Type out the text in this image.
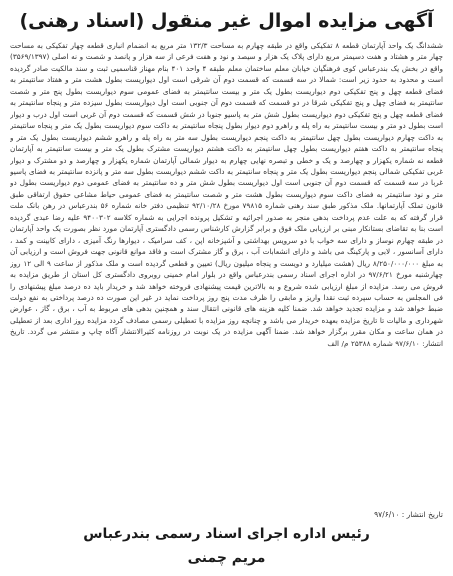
آگهی مزایده اموال غیر منقول (اسناد رهنی)
ششدانگ یک واحد آپارتمان قطعه ۸ تفکیکی واقع در طبقه چهارم به مساحت ۱۳۲/۳ متر مربع به انضمام انباری قطعه چهار تفکیکی به مساحت چهار متر و هشتاد و هفت دسیمتر مربع دارای پلاک یک هزار و سیصد و نود و هفت فرعی از سه هزار و پانصد و شصت و نه اصلی (۳۵۶۹/۱۳۹۷) واقع در بخش یک بندرعباس کوی فرهنگیان خیابان معلم ساختمان معلم طبقه ۴ واحد ۴۰۱ بنام مهناز قناسمیی ثبت و سند مالکیت صادر گردیده است و محدود به حدود زیر است: شمالا در سه قسمت که قسمت دوم آن شرقی است اول دیواریست بطول هشت متر و هفتاد سانتیمتر به فضای قطعه چهل و پنج تفکیکی دوم دیواریست بطول یک متر و بیست سانتیمتر به فضای عمومی سوم دیواریست بطول پنج متر و شصت سانتیمتر به فضای چهل و پنج تفکیکی شرقا در دو قسمت که قسمت دوم آن جنوبی است اول دیواریست بطول سیزده متر و پنجاه سانتیمتر به فضای قطعه چهل و پنج تفکیکی دوم دیواریست بطول شش متر به پاسیو جنوبا در شش قسمت که قسمت دوم آن غربی است اول درب و دیوار است بطول دو متر و بیست سانتیمتر به راه پله و راهرو دوم دیوار بطول پنجاه سانتیمتر به داکت سوم دیواریست بطول یک متر و پنجاه سانتیمتر به داکت چهارم دیواریست بطول چهل سانتیمتر به داکت پنجم دیواریست بطول سه متر به راه پله و راهرو ششم دیواریست بطول یک متر و پنجاه سانتیمتر به داکت هفتم دیواریست بطول چهل سانتیمتر به داکت هشتم دیواریست مشترک بطول یک متر و بیست سانتیمتر به آپارتمان قطعه نه شماره یکهزار و چهارصد و یک و خطی و تبصره نهایی چهارم به دیوار شمالی آپارتمان شماره یکهزار و چهارصد و دو مشترک و دیوار غربی تفکیکی شمالی پنجم دیواریست بطول یک متر و پنجاه سانتیمتر به داکت ششم دیواریست بطول سه متر و پانزده سانتیمتر به فضای پاسیو غربا در سه قسمت که قسمت دوم آن جنوبی است اول دیواریست بطول شش متر و ده سانتیمتر به فضای عمومی دوم دیواریست بطول دو متر و نود سانتیمتر به فضای داکت سوم دیواریست بطول هشت متر و شصت سانتیمتر به فضای عمومی حیاط مشاعی حقوق ارتفاقی طبق قانون تملک آپارتمانها. ملک مذکور طبق سند رهنی شماره ۷۹۸۱۵ مورخ ۹۲/۱۰/۲۸ تنظیمی دفتر خانه شماره ۵۶ بندرعباس در رهن بانک ملت قرار گرفته که به علت عدم پرداخت بدهی منجر به صدور اجرائیه و تشکیل پرونده اجرایی به شماره کلاسه ۹۴۰۰۳۰۲ علیه رضا عبدی گردیده است بنا به تقاضای بستانکار مبنی بر ارزیابی ملک فوق و برابر گزارش کارشناس رسمی دادگستری آپارتمان مورد نظر بصورت یک واحد آپارتمان در طبقه چهارم نوساز و دارای سه خواب با دو سرویس بهداشتی و آشپزخانه اپن ، کف سرامیک ، دیوارها رنگ آمیزی ، دارای کابینت و کمد ، دارای آسانسور ، لابی و پارکینگ می باشد و دارای انشعابات آب ، برق و گاز مشترک است و فاقد موانع قانونی جهت فروش است و ارزیابی آن به مبلغ ۸/۲۵۰/۰۰۰/۰۰۰ ریال (هشت میلیارد و دویست و پنجاه میلیون ریال) تعیین و قطعی گردیده است و ملک مذکور از ساعت ۹ الی ۱۲ روز چهارشنبه مورخ ۹۷/۶/۲۱ در اداره اجرای اسناد رسمی بندرعباس واقع در بلوار امام خمینی روبروی دادگستری کل استان از طریق مزایده به فروش می رسد. مزایده از مبلغ ارزیابی شده شروع و به بالاترین قیمت پیشنهادی فروخته خواهد شد و خریدار باید ده درصد مبلغ پیشنهادی را فی المجلس به حساب سپرده ثبت نقدا واریز و مابقی را ظرف مدت پنج روز پرداخت نماید در غیر این صورت ده درصد پرداختی به نفع دولت ضبط خواهد شد و مزایده تجدید خواهد شد. ضمنا کلیه هزینه های قانونی انتقال سند و همچنین بدهی های مربوط به آب ، برق ، گاز ، عوارض شهرداری و مالیات تا تاریخ مزایده بعهده خریدار می باشد و چنانچه روز مزایده با تعطیلی رسمی مصادف گردد مزایده روز اداری بعد از تعطیلی در همان ساعت و مکان مقرر برگزار خواهد شد. ضمنا آگهی مزایده در یک نوبت در روزنامه کثیرالانتشار آگاه چاپ و منتشر می گردد. تاریخ انتشار: ۹۷/۶/۱۰ شماره ۲۵۳۸۸ م/ الف
تاریخ انتشار : ۹۷/۶/۱۰
رئیس اداره اجرای اسناد رسمی بندرعباس
مریم چمنی
